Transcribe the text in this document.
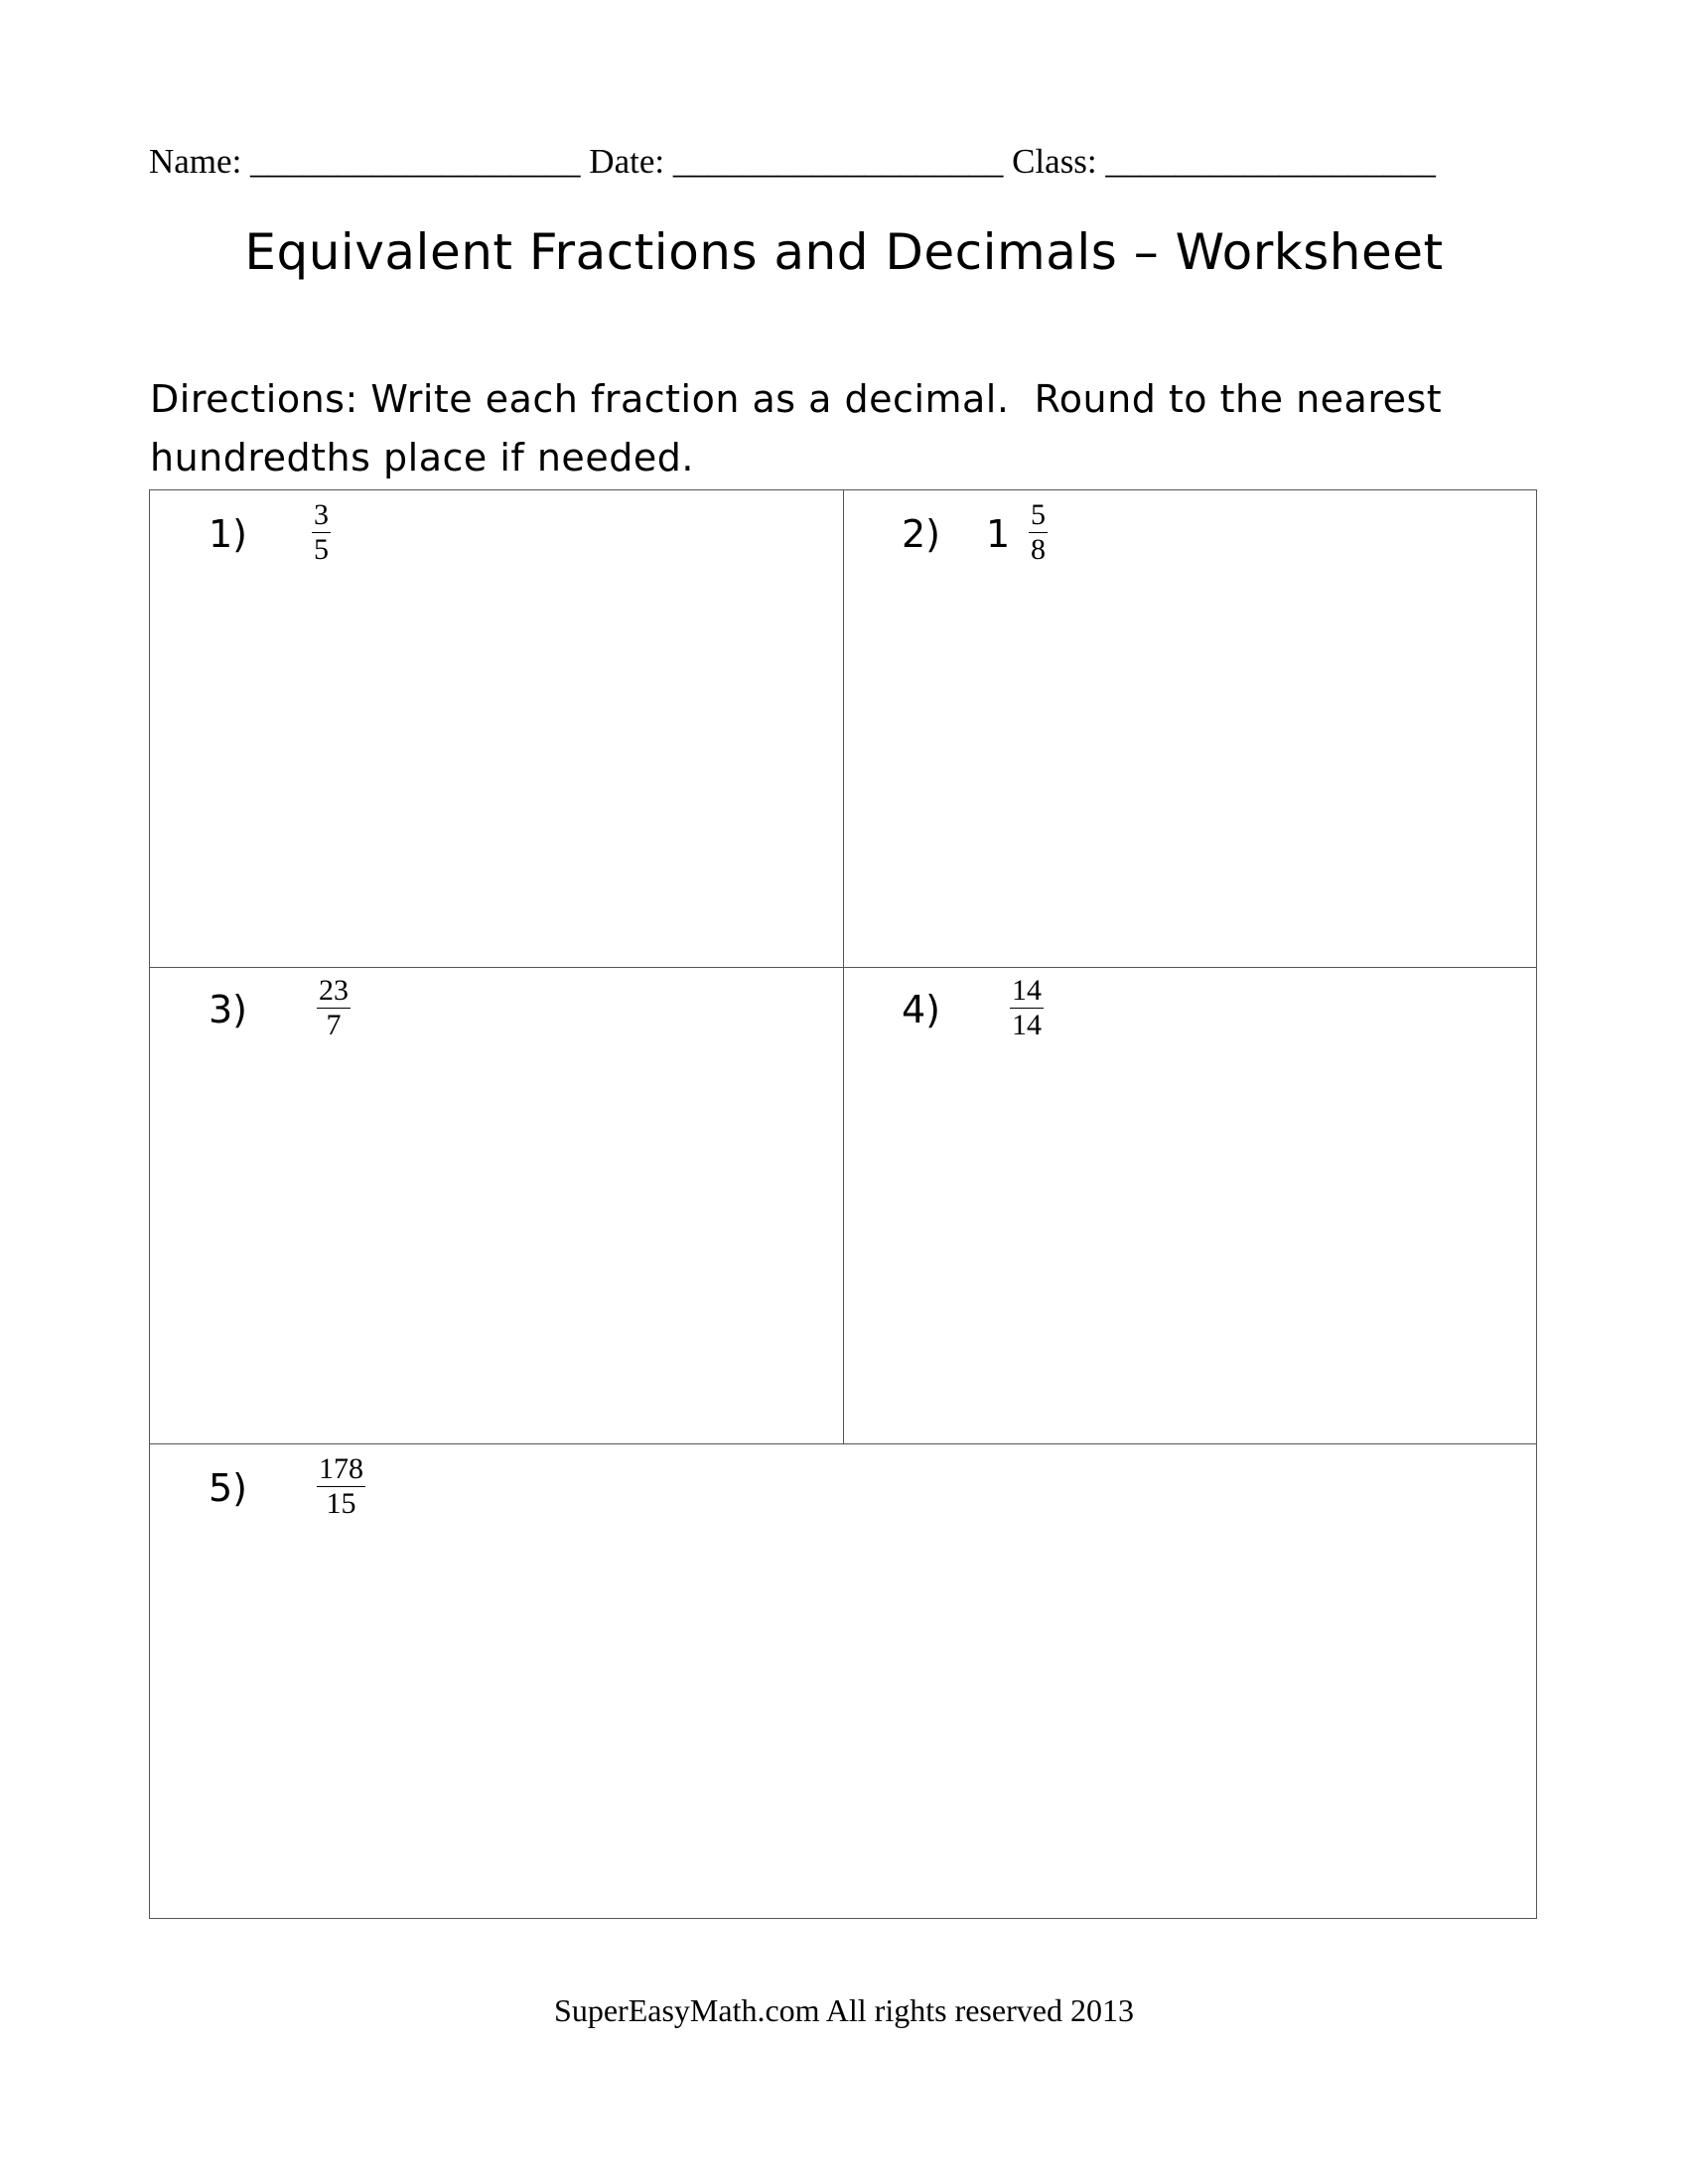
Name: ___________________ Date: ___________________ Class: ___________________
Equivalent Fractions and Decimals – Worksheet
Directions: Write each fraction as a decimal.  Round to the nearest
hundredths place if needed.
$1) \frac{3}{5}$	2) $1 \frac{5}{8}$
$3) \frac{23}{7}$	$4) \frac{14}{14}$
$5) \frac{178}{15}$
SuperEasyMath.com All rights reserved 2013
